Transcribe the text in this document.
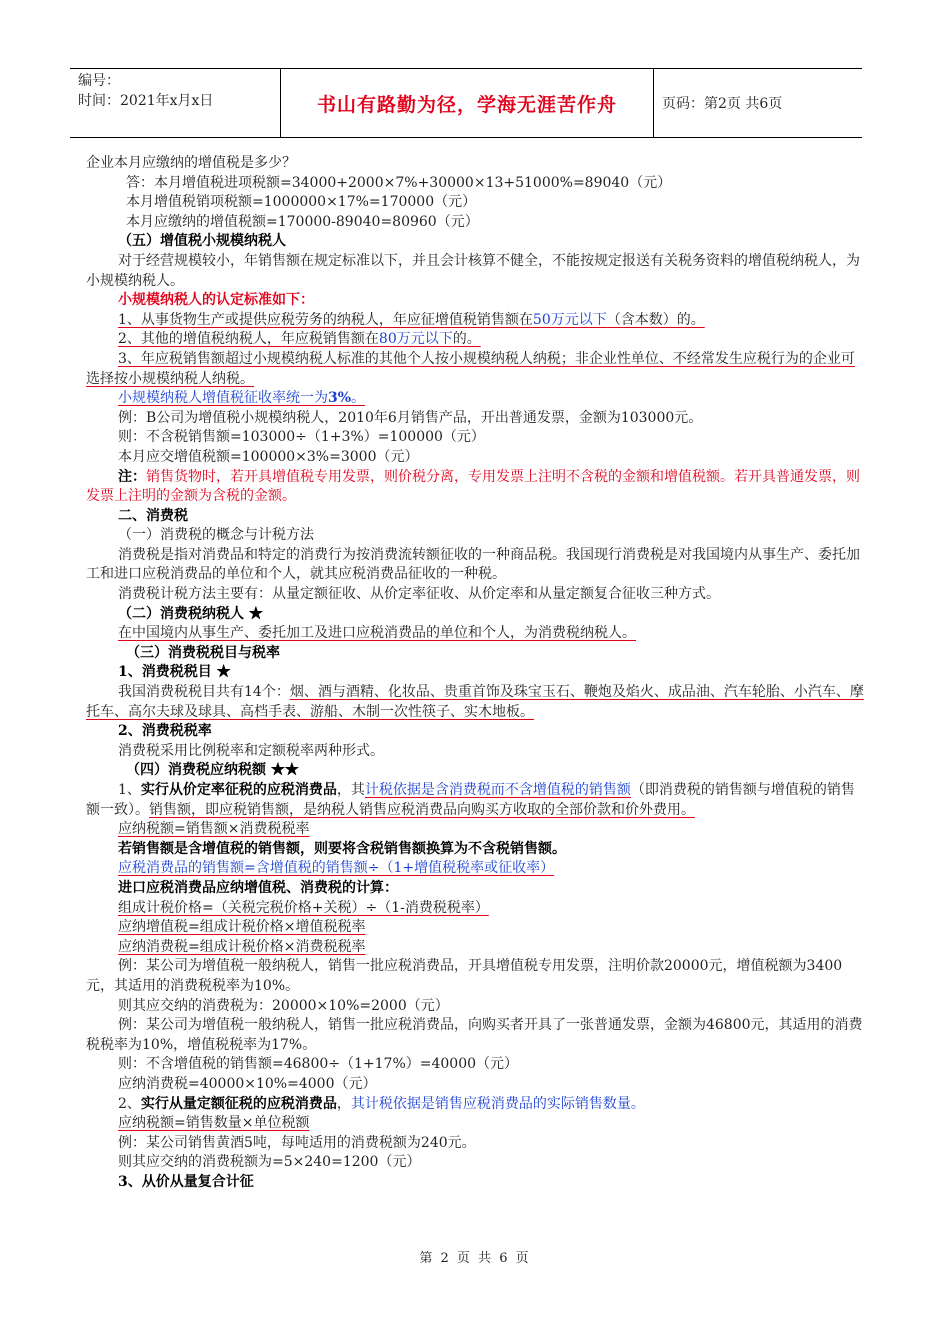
编号：
时间：2021年x月x日	书山有路勤为径，学海无涯苦作舟	页码：第2页 共6页

企业本月应缴纳的增值税是多少？

答：本月增值税进项税额=34000+2000×7%+30000×13+51000%=89040（元）

本月增值税销项税额=1000000×17%=170000（元）

本月应缴纳的增值税额=170000-89040=80960（元）

（五）增值税小规模纳税人

对于经营规模较小，年销售额在规定标准以下，并且会计核算不健全，不能按规定报送有关税务资料的增值税纳税人，为小规模纳税人。

小规模纳税人的认定标准如下：

1、从事货物生产或提供应税劳务的纳税人，年应征增值税销售额在50万元以下（含本数）的。

2、其他的增值税纳税人，年应税销售额在80万元以下的。

3、年应税销售额超过小规模纳税人标准的其他个人按小规模纳税人纳税；非企业性单位、不经常发生应税行为的企业可选择按小规模纳税人纳税。

小规模纳税人增值税征收率统一为3%。

例：B公司为增值税小规模纳税人，2010年6月销售产品，开出普通发票，金额为103000元。

则：不含税销售额=103000÷（1+3%）=100000（元）

本月应交增值税额=100000×3%=3000（元）

注：销售货物时，若开具增值税专用发票，则价税分离，专用发票上注明不含税的金额和增值税额。若开具普通发票，则发票上注明的金额为含税的金额。

二、消费税

（一）消费税的概念与计税方法

消费税是指对消费品和特定的消费行为按消费流转额征收的一种商品税。我国现行消费税是对我国境内从事生产、委托加工和进口应税消费品的单位和个人，就其应税消费品征收的一种税。

消费税计税方法主要有：从量定额征收、从价定率征收、从价定率和从量定额复合征收三种方式。

（二）消费税纳税人 ★

在中国境内从事生产、委托加工及进口应税消费品的单位和个人，为消费税纳税人。

（三）消费税税目与税率

1、消费税税目 ★

我国消费税税目共有14个：烟、酒与酒精、化妆品、贵重首饰及珠宝玉石、鞭炮及焰火、成品油、汽车轮胎、小汽车、摩托车、高尔夫球及球具、高档手表、游船、木制一次性筷子、实木地板。

2、消费税税率

消费税采用比例税率和定额税率两种形式。

（四）消费税应纳税额 ★★

1、实行从价定率征税的应税消费品，其计税依据是含消费税而不含增值税的销售额（即消费税的销售额与增值税的销售额一致）。销售额，即应税销售额，是纳税人销售应税消费品向购买方收取的全部价款和价外费用。

应纳税额=销售额×消费税税率

若销售额是含增值税的销售额，则要将含税销售额换算为不含税销售额。

应税消费品的销售额=含增值税的销售额÷（1+增值税税率或征收率）

进口应税消费品应纳增值税、消费税的计算：

组成计税价格=（关税完税价格+关税）÷（1-消费税税率）

应纳增值税=组成计税价格×增值税税率

应纳消费税=组成计税价格×消费税税率

例：某公司为增值税一般纳税人，销售一批应税消费品，开具增值税专用发票，注明价款20000元，增值税额为3400元，其适用的消费税税率为10%。

则其应交纳的消费税为：20000×10%=2000（元）

例：某公司为增值税一般纳税人，销售一批应税消费品，向购买者开具了一张普通发票，金额为46800元，其适用的消费税税率为10%，增值税税率为17%。

则：不含增值税的销售额=46800÷（1+17%）=40000（元）

应纳消费税=40000×10%=4000（元）

2、实行从量定额征税的应税消费品，其计税依据是销售应税消费品的实际销售数量。

应纳税额=销售数量×单位税额

例：某公司销售黄酒5吨，每吨适用的消费税额为240元。

则其应交纳的消费税额为=5×240=1200（元）

3、从价从量复合计征

第 2 页 共 6 页
